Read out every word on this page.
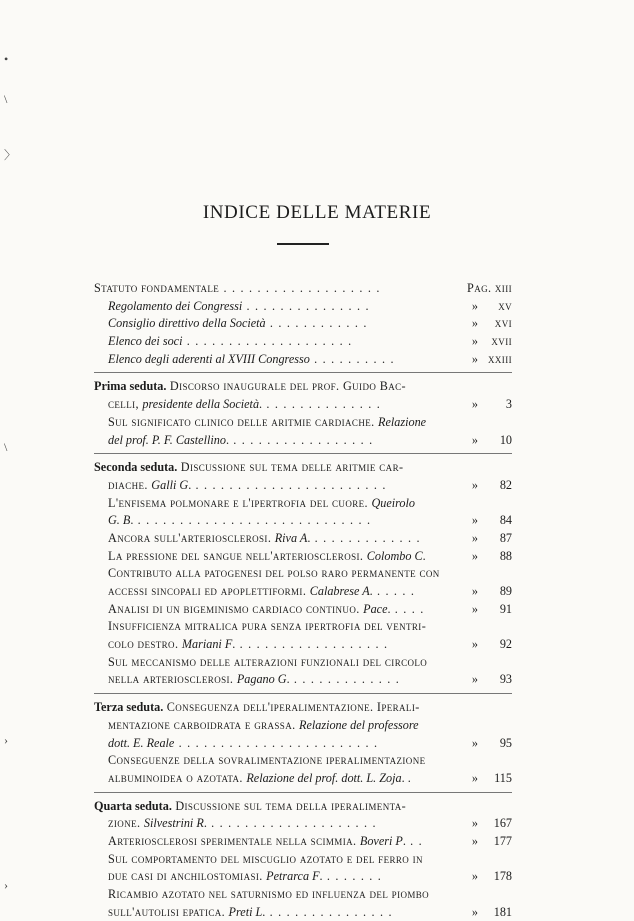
•
\
〉
\
›
›
INDICE DELLE MATERIE
Statuto fondamentale . . . . . . . . . . . . . . . . . . .	Pag. xiii
Regolamento dei Congressi . . . . . . . . . . . . . . .	» xv
Consiglio direttivo della Società . . . . . . . . . . . .	» xvi
Elenco dei soci . . . . . . . . . . . . . . . . . . . .	» xvii
Elenco degli aderenti al XVIII Congresso . . . . . . . . . .	» xxiii
Prima seduta. Discorso inaugurale del prof. Guido Bac-
celli, presidente della Società. . . . . . . . . . . . . . .	» 3
Sul significato clinico delle aritmie cardiache. Relazione
del prof. P. F. Castellino. . . . . . . . . . . . . . . . . .	» 10
Seconda seduta. Discussione sul tema delle aritmie car-
diache. Galli G. . . . . . . . . . . . . . . . . . . . . . . .	» 82
L'enfisema polmonare e l'ipertrofia del cuore. Queirolo
G. B. . . . . . . . . . . . . . . . . . . . . . . . . . . . .	» 84
Ancora sull'arteriosclerosi. Riva A. . . . . . . . . . . . . .	» 87
La pressione del sangue nell'arteriosclerosi. Colombo C.	» 88
Contributo alla patogenesi del polso raro permanente con
accessi sincopali ed apoplettiformi. Calabrese A. . . . . .	» 89
Analisi di un bigeminismo cardiaco continuo. Pace. . . . .	» 91
Insufficienza mitralica pura senza ipertrofia del ventri-
colo destro. Mariani F. . . . . . . . . . . . . . . . . . .	» 92
Sul meccanismo delle alterazioni funzionali del circolo
nella arteriosclerosi. Pagano G. . . . . . . . . . . . . .	» 93
Terza seduta. Conseguenza dell'iperalimentazione. Iperali-
mentazione carboidrata e grassa. Relazione del professore
dott. E. Reale . . . . . . . . . . . . . . . . . . . . . . . .	» 95
Conseguenze della sovralimentazione iperalimentazione
albuminoidea o azotata. Relazione del prof. dott. L. Zoja. .	» 115
Quarta seduta. Discussione sul tema della iperalimenta-
zione. Silvestrini R. . . . . . . . . . . . . . . . . . . . .	» 167
Arteriosclerosi sperimentale nella scimmia. Boveri P. . .	» 177
Sul comportamento del miscuglio azotato e del ferro in
due casi di anchilostomiasi. Petrarca F. . . . . . . .	» 178
Ricambio azotato nel saturnismo ed influenza del piombo
sull'autolisi epatica. Preti L. . . . . . . . . . . . . . . .	» 181
